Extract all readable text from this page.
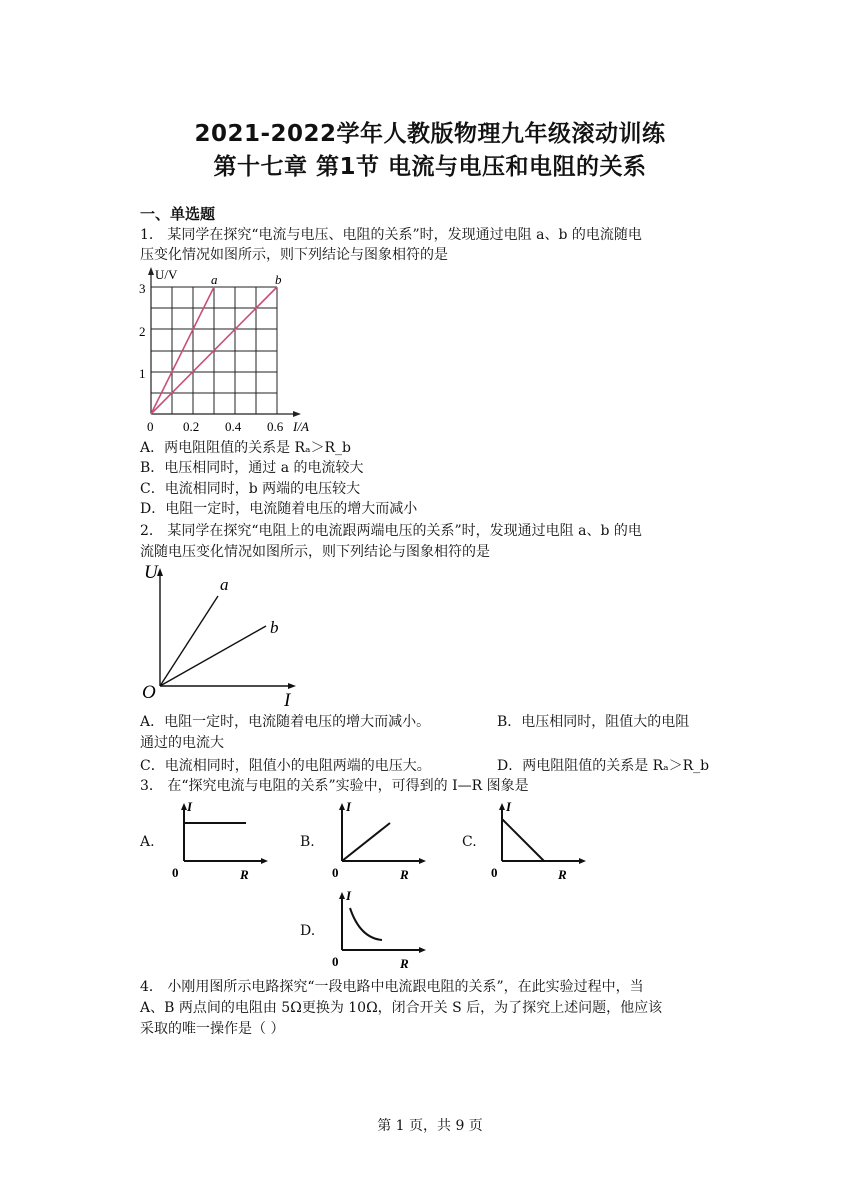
2021-2022学年人教版物理九年级滚动训练
第十七章 第1节 电流与电压和电阻的关系
一、单选题
1． 某同学在探究“电流与电压、电阻的关系”时，发现通过电阻 a、b 的电流随电
压变化情况如图所示，则下列结论与图象相符的是
U/V	a	b
3
2
1
0 0.2 0.4 0.6 I/A
A．两电阻阻值的关系是 Rₐ＞R_b
B．电压相同时，通过 a 的电流较大
C．电流相同时，b 两端的电压较大
D．电阻一定时，电流随着电压的增大而减小
2． 某同学在探究“电阻上的电流跟两端电压的关系”时，发现通过电阻 a、b 的电
流随电压变化情况如图所示，则下列结论与图象相符的是
U
a
b
O	I
A．电阻一定时，电流随着电压的增大而减小。	B．电压相同时，阻值大的电阻
通过的电流大
C．电流相同时，阻值小的电阻两端的电压大。	D．两电阻阻值的关系是 Rₐ＞R_b
3． 在“探究电流与电阻的关系”实验中，可得到的 I—R 图象是
A.
I
0	R
B.
I
0	R
C.
I
0	R
D.
I
0	R
4． 小刚用图所示电路探究“一段电路中电流跟电阻的关系”，在此实验过程中，当
A、B 两点间的电阻由 5Ω更换为 10Ω，闭合开关 S 后，为了探究上述问题，他应该
采取的唯一操作是（ ）
第 1 页，共 9 页
